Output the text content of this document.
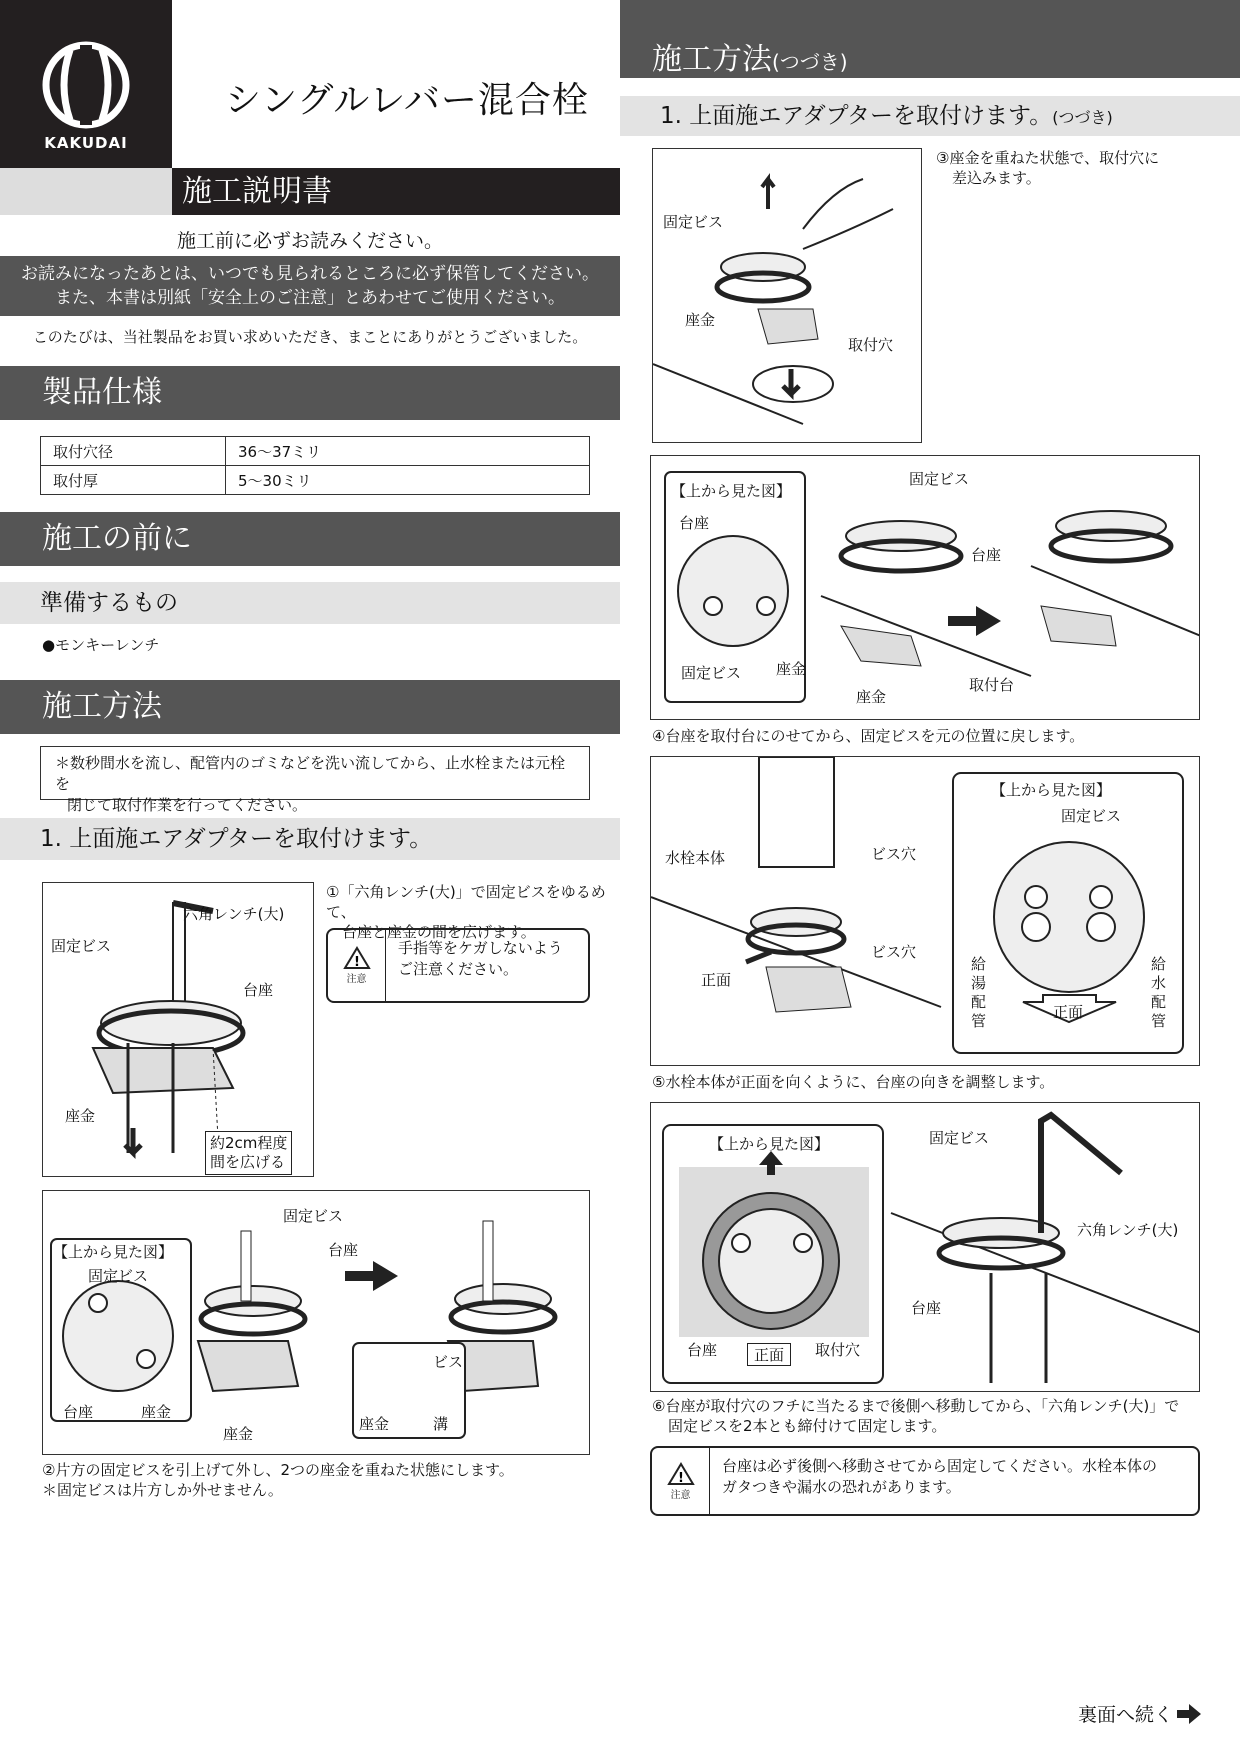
KAKUDAI
シングルレバー混合栓
施工説明書
施工前に必ずお読みください。
お読みになったあとは、いつでも見られるところに必ず保管してください。
また、本書は別紙「安全上のご注意」とあわせてご使用ください。
このたびは、当社製品をお買い求めいただき、まことにありがとうございました。
製品仕様
取付穴径	36〜37ミリ
取付厚	5〜30ミリ
施工の前に
準備するもの
●モンキーレンチ
施工方法
＊数秒間水を流し、配管内のゴミなどを洗い流してから、止水栓または元栓を
閉じて取付作業を行ってください。
1. 上面施エアダプターを取付けます。
六角レンチ(大)
固定ビス
台座
座金
約2cm程度
間を広げる
①「六角レンチ(大)」で固定ビスをゆるめて、
台座と座金の間を広げます。
!
注意
手指等をケガしないよう
ご注意ください。
【上から見た図】
固定ビス
固定ビス
台座
台座	座金
座金
ビス
座金	溝
②片方の固定ビスを引上げて外し、2つの座金を重ねた状態にします。
＊固定ビスは片方しか外せません。
施工方法(つづき)
1. 上面施エアダプターを取付けます。(つづき)
固定ビス
座金
取付穴
③座金を重ねた状態で、取付穴に
差込みます。
【上から見た図】
台座
固定ビス 座金
固定ビス
台座
座金
取付台
④台座を取付台にのせてから、固定ビスを元の位置に戻します。
水栓本体	ビス穴
ビス穴
正面
【上から見た図】
固定ビス
給湯配管
給水配管
正面
⑤水栓本体が正面を向くように、台座の向きを調整します。
【上から見た図】
台座	正面	取付穴
固定ビス
六角レンチ(大)
台座
⑥台座が取付穴のフチに当たるまで後側へ移動してから、「六角レンチ(大)」で
固定ビスを2本とも締付けて固定します。
!
注意
台座は必ず後側へ移動させてから固定してください。水栓本体の
ガタつきや漏水の恐れがあります。
裏面へ続く
